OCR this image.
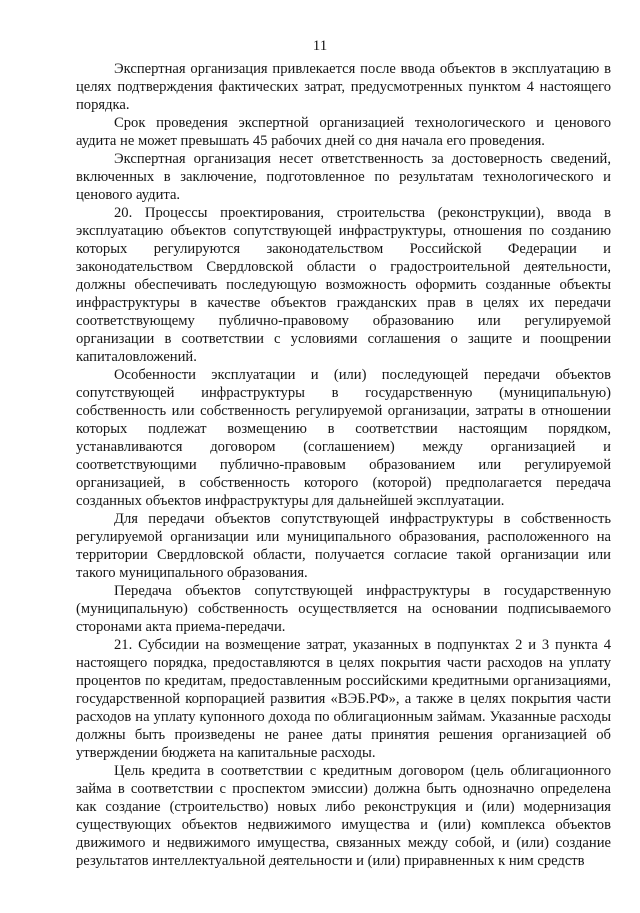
11

Экспертная организация привлекается после ввода объектов в эксплуатацию в целях подтверждения фактических затрат, предусмотренных пунктом 4 настоящего порядка.

Срок проведения экспертной организацией технологического и ценового аудита не может превышать 45 рабочих дней со дня начала его проведения.

Экспертная организация несет ответственность за достоверность сведений, включенных в заключение, подготовленное по результатам технологического и ценового аудита.

20. Процессы проектирования, строительства (реконструкции), ввода в эксплуатацию объектов сопутствующей инфраструктуры, отношения по созданию которых регулируются законодательством Российской Федерации и законодательством Свердловской области о градостроительной деятельности, должны обеспечивать последующую возможность оформить созданные объекты инфраструктуры в качестве объектов гражданских прав в целях их передачи соответствующему публично-правовому образованию или регулируемой организации в соответствии с условиями соглашения о защите и поощрении капиталовложений.

Особенности эксплуатации и (или) последующей передачи объектов сопутствующей инфраструктуры в государственную (муниципальную) собственность или собственность регулируемой организации, затраты в отношении которых подлежат возмещению в соответствии настоящим порядком, устанавливаются договором (соглашением) между организацией и соответствующими публично-правовым образованием или регулируемой организацией, в собственность которого (которой) предполагается передача созданных объектов инфраструктуры для дальнейшей эксплуатации.

Для передачи объектов сопутствующей инфраструктуры в собственность регулируемой организации или муниципального образования, расположенного на территории Свердловской области, получается согласие такой организации или такого муниципального образования.

Передача объектов сопутствующей инфраструктуры в государственную (муниципальную) собственность осуществляется на основании подписываемого сторонами акта приема-передачи.

21. Субсидии на возмещение затрат, указанных в подпунктах 2 и 3 пункта 4 настоящего порядка, предоставляются в целях покрытия части расходов на уплату процентов по кредитам, предоставленным российскими кредитными организациями, государственной корпорацией развития «ВЭБ.РФ», а также в целях покрытия части расходов на уплату купонного дохода по облигационным займам. Указанные расходы должны быть произведены не ранее даты принятия решения организацией об утверждении бюджета на капитальные расходы.

Цель кредита в соответствии с кредитным договором (цель облигационного займа в соответствии с проспектом эмиссии) должна быть однозначно определена как создание (строительство) новых либо реконструкция и (или) модернизация существующих объектов недвижимого имущества и (или) комплекса объектов движимого и недвижимого имущества, связанных между собой, и (или) создание результатов интеллектуальной деятельности и (или) приравненных к ним средств
